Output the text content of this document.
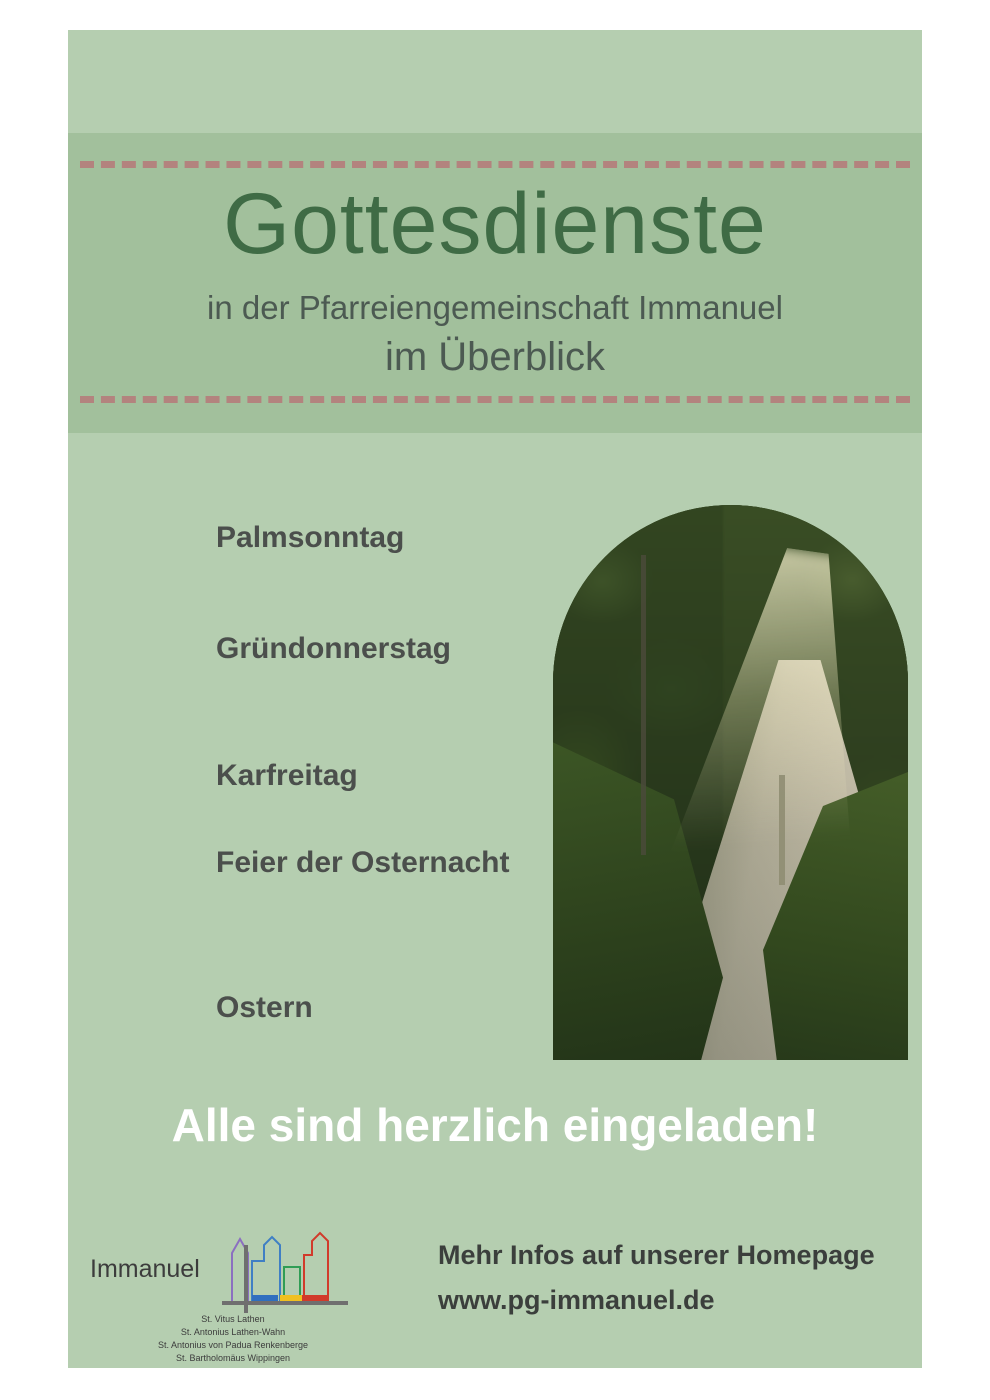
Gottesdienste
in der Pfarreiengemeinschaft Immanuel
im Überblick
Palmsonntag
Gründonnerstag
Karfreitag
Feier der Osternacht
Ostern
Alle sind herzlich eingeladen!
Immanuel
St. Vitus Lathen
St. Antonius Lathen-Wahn
St. Antonius von Padua Renkenberge
St. Bartholomäus Wippingen
Mehr Infos auf unserer Homepage
www.pg-immanuel.de
